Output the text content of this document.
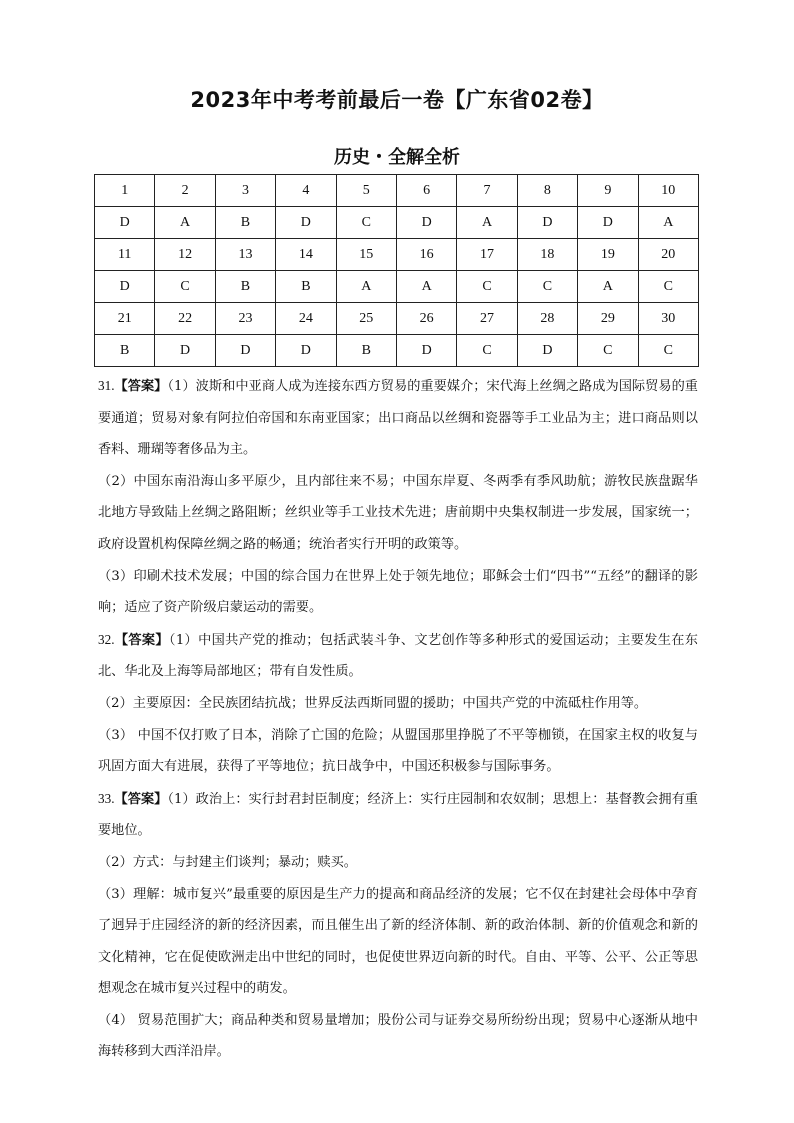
2023年中考考前最后一卷【广东省02卷】
历史・全解全析
1	2	3	4	5	6	7	8	9	10
D	A	B	D	C	D	A	D	D	A
11	12	13	14	15	16	17	18	19	20
D	C	B	B	A	A	C	C	A	C
21	22	23	24	25	26	27	28	29	30
B	D	D	D	B	D	C	D	C	C

31.【答案】（1）波斯和中亚商人成为连接东西方贸易的重要媒介；宋代海上丝绸之路成为国际贸易的重要通道；贸易对象有阿拉伯帝国和东南亚国家；出口商品以丝绸和瓷器等手工业品为主；进口商品则以香料、珊瑚等奢侈品为主。

（2）中国东南沿海山多平原少，且内部往来不易；中国东岸夏、冬两季有季风助航；游牧民族盘踞华北地方导致陆上丝绸之路阻断；丝织业等手工业技术先进；唐前期中央集权制进一步发展，国家统一；政府设置机构保障丝绸之路的畅通；统治者实行开明的政策等。

（3）印刷术技术发展；中国的综合国力在世界上处于领先地位；耶稣会士们“四书”“五经”的翻译的影响；适应了资产阶级启蒙运动的需要。

32.【答案】（1）中国共产党的推动；包括武装斗争、文艺创作等多种形式的爱国运动；主要发生在东北、华北及上海等局部地区；带有自发性质。

（2）主要原因：全民族团结抗战；世界反法西斯同盟的援助；中国共产党的中流砥柱作用等。

（3） 中国不仅打败了日本，消除了亡国的危险；从盟国那里挣脱了不平等枷锁，在国家主权的收复与巩固方面大有进展，获得了平等地位；抗日战争中，中国还积极参与国际事务。

33.【答案】（1）政治上：实行封君封臣制度；经济上：实行庄园制和农奴制；思想上：基督教会拥有重要地位。

（2）方式：与封建主们谈判；暴动；赎买。

（3）理解：城市复兴”最重要的原因是生产力的提高和商品经济的发展；它不仅在封建社会母体中孕育了迥异于庄园经济的新的经济因素，而且催生出了新的经济体制、新的政治体制、新的价值观念和新的文化精神，它在促使欧洲走出中世纪的同时，也促使世界迈向新的时代。自由、平等、公平、公正等思想观念在城市复兴过程中的萌发。

（4） 贸易范围扩大；商品种类和贸易量增加；股份公司与证券交易所纷纷出现；贸易中心逐渐从地中海转移到大西洋沿岸。
